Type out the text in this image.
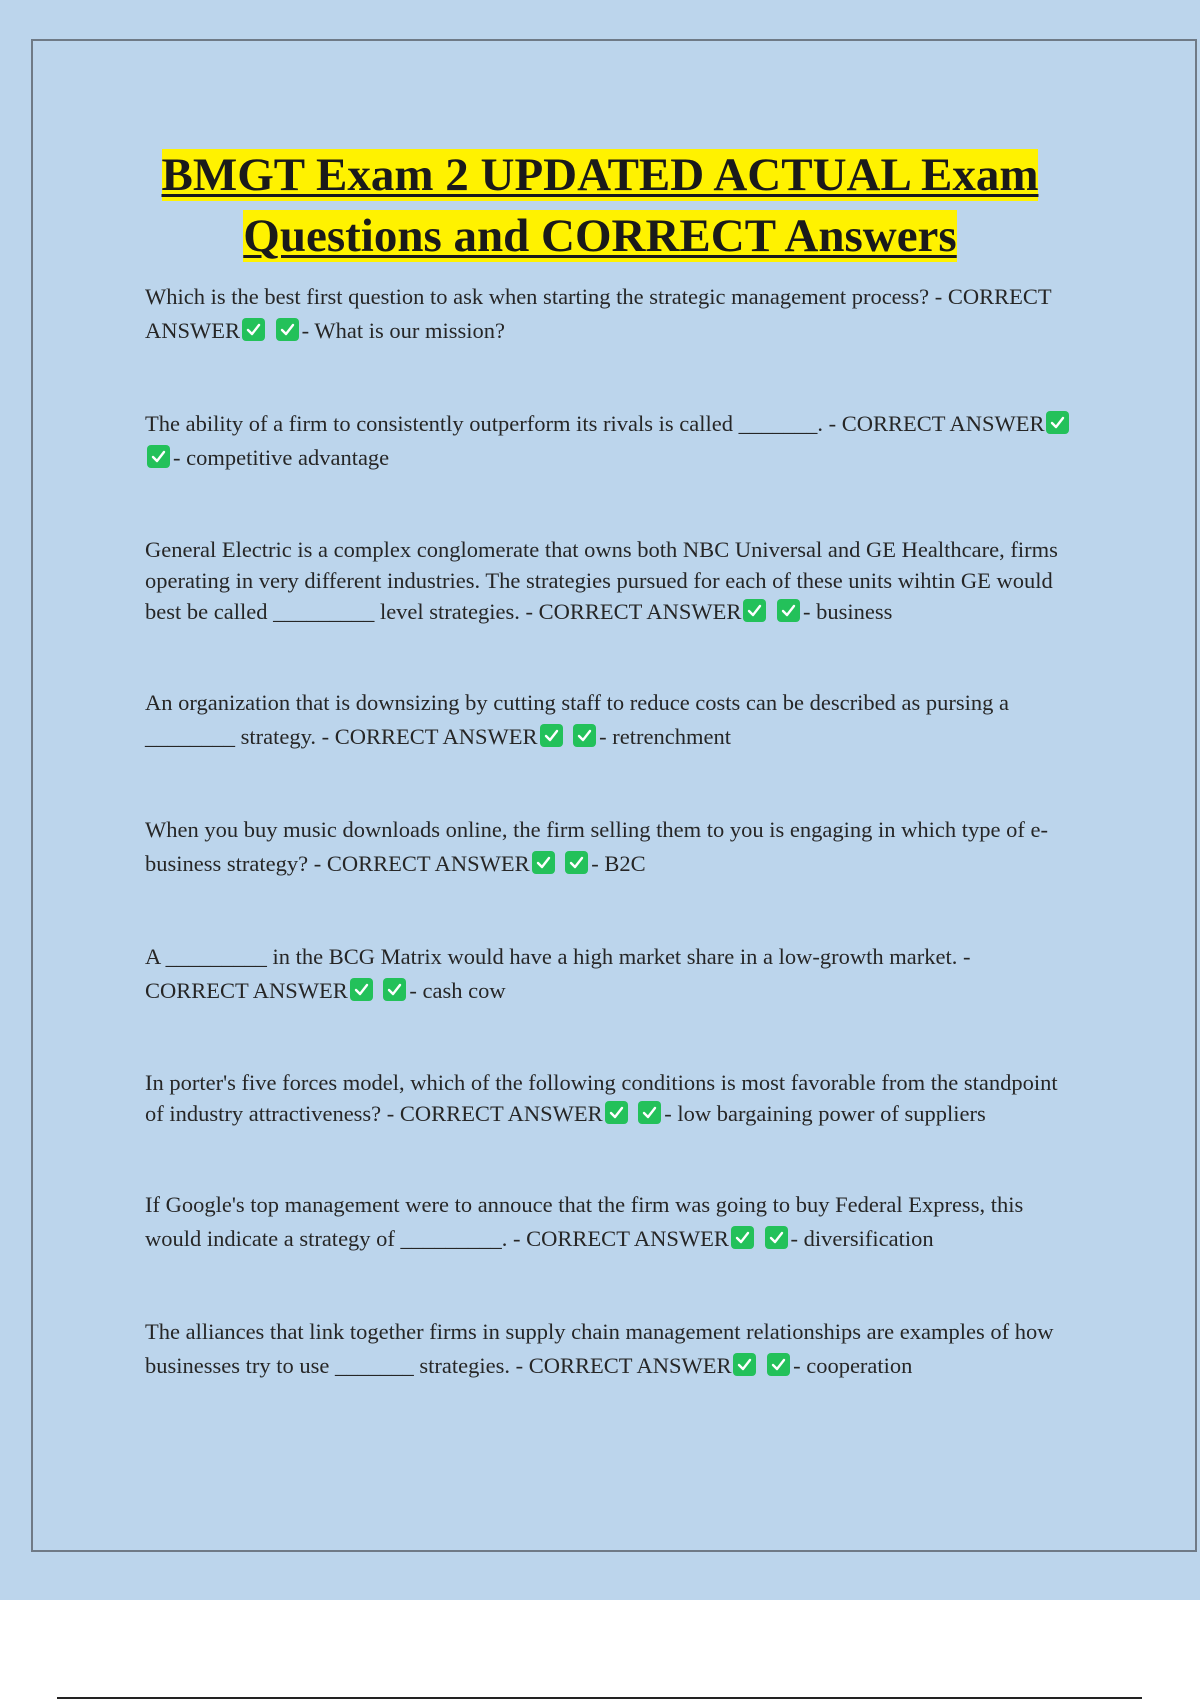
BMGT Exam 2 UPDATED ACTUAL Exam
Questions and CORRECT Answers
Which is the best first question to ask when starting the strategic management process? - CORRECT ANSWER
	- What is our mission?
The ability of a firm to consistently outperform its rivals is called _______. - CORRECT ANSWER

- competitive advantage
General Electric is a complex conglomerate that owns both NBC Universal and GE Healthcare, firms operating in very different industries. The strategies pursued for each of these units wihtin GE would best be called _________ level strategies. - CORRECT ANSWER
	- business
An organization that is downsizing by cutting staff to reduce costs can be described as pursing a ________ strategy. - CORRECT ANSWER
	- retrenchment
When you buy music downloads online, the firm selling them to you is engaging in which type of e-business strategy? - CORRECT ANSWER
	- B2C
A _________ in the BCG Matrix would have a high market share in a low-growth market. - CORRECT ANSWER
	- cash cow
In porter's five forces model, which of the following conditions is most favorable from the standpoint of industry attractiveness? - CORRECT ANSWER
	- low bargaining power of suppliers
If Google's top management were to annouce that the firm was going to buy Federal Express, this would indicate a strategy of _________. - CORRECT ANSWER
	- diversification
The alliances that link together firms in supply chain management relationships are examples of how businesses try to use _______ strategies. - CORRECT ANSWER
	- cooperation
